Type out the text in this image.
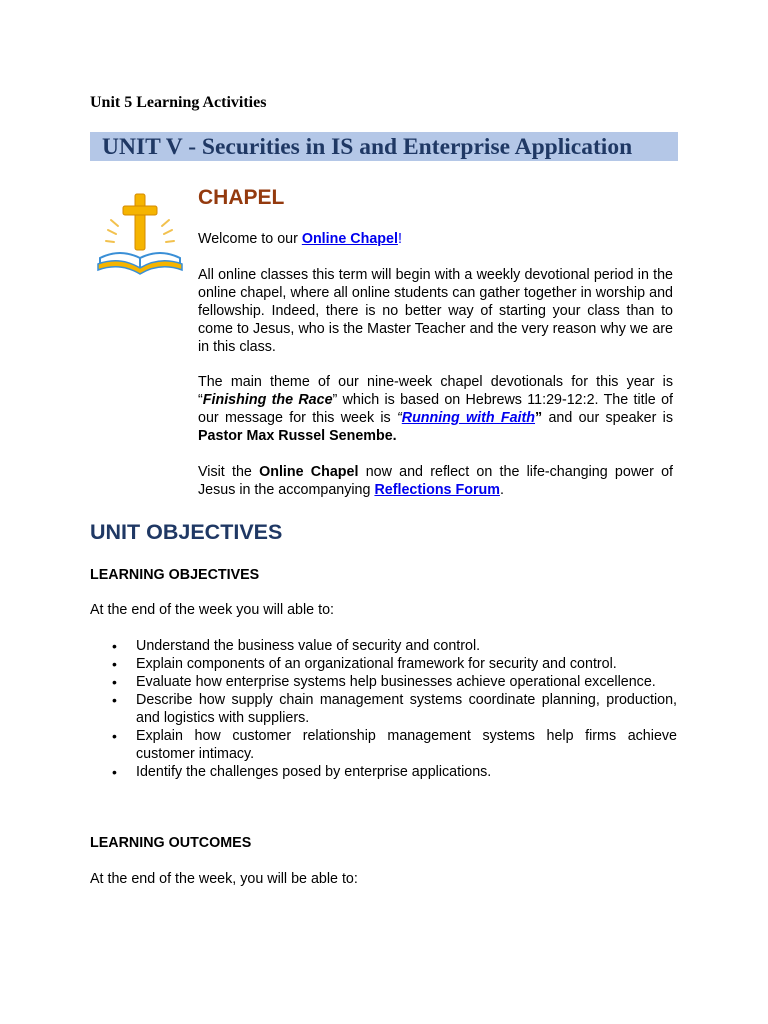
Unit 5 Learning Activities
UNIT V - Securities in IS and Enterprise Application
CHAPEL
Welcome to our Online Chapel!
All online classes this term will begin with a weekly devotional period in the online chapel, where all online students can gather together in worship and fellowship. Indeed, there is no better way of starting your class than to come to Jesus, who is the Master Teacher and the very reason why we are in this class.
The main theme of our nine-week chapel devotionals for this year is “Finishing the Race” which is based on Hebrews 11:29-12:2. The title of our message for this week is “Running with Faith” and our speaker is Pastor Max Russel Senembe.
Visit the Online Chapel now and reflect on the life-changing power of Jesus in the accompanying Reflections Forum.
UNIT OBJECTIVES
LEARNING OBJECTIVES
At the end of the week you will able to:
• Understand the business value of security and control.
• Explain components of an organizational framework for security and control.
• Evaluate how enterprise systems help businesses achieve operational excellence.
• Describe how supply chain management systems coordinate planning, production, and logistics with suppliers.
• Explain how customer relationship management systems help firms achieve customer intimacy.
• Identify the challenges posed by enterprise applications.
LEARNING OUTCOMES
At the end of the week, you will be able to:
